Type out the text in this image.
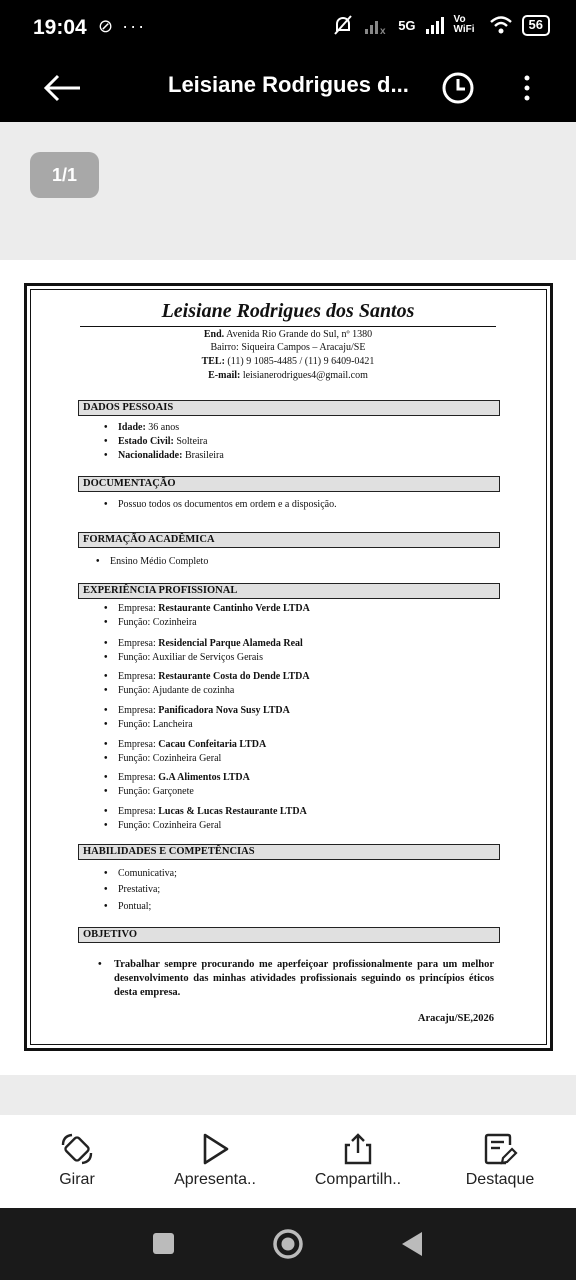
19:04 ⊘ ···	x 5G	Vo WiFi	56
Leisiane Rodrigues d...
1/1
Leisiane Rodrigues dos Santos
End. Avenida Rio Grande do Sul, nº 1380
Bairro: Siqueira Campos – Aracaju/SE
TEL: (11) 9 1085-4485 / (11) 9 6409-0421
E-mail: leisianerodrigues4@gmail.com
DADOS PESSOAIS
• Idade: 36 anos
• Estado Civil: Solteira
• Nacionalidade: Brasileira
DOCUMENTAÇÃO
• Possuo todos os documentos em ordem e a disposição.
FORMAÇÃO ACADÊMICA
• Ensino Médio Completo
EXPERIÊNCIA PROFISSIONAL
• Empresa: Restaurante Cantinho Verde LTDA
• Função: Cozinheira
• Empresa: Residencial Parque Alameda Real
• Função: Auxiliar de Serviços Gerais
• Empresa: Restaurante Costa do Dende LTDA
• Função: Ajudante de cozinha
• Empresa: Panificadora Nova Susy LTDA
• Função: Lancheira
• Empresa: Cacau Confeitaria LTDA
• Função: Cozinheira Geral
• Empresa: G.A Alimentos LTDA
• Função: Garçonete
• Empresa: Lucas & Lucas Restaurante LTDA
• Função: Cozinheira Geral
HABILIDADES E COMPETÊNCIAS
• Comunicativa;
• Prestativa;
• Pontual;
OBJETIVO
• Trabalhar sempre procurando me aperfeiçoar profissionalmente para um melhor desenvolvimento das minhas atividades profissionais seguindo os princípios éticos desta empresa.
Aracaju/SE,2026
Girar	Apresenta..	Compartilh..	Destaque
